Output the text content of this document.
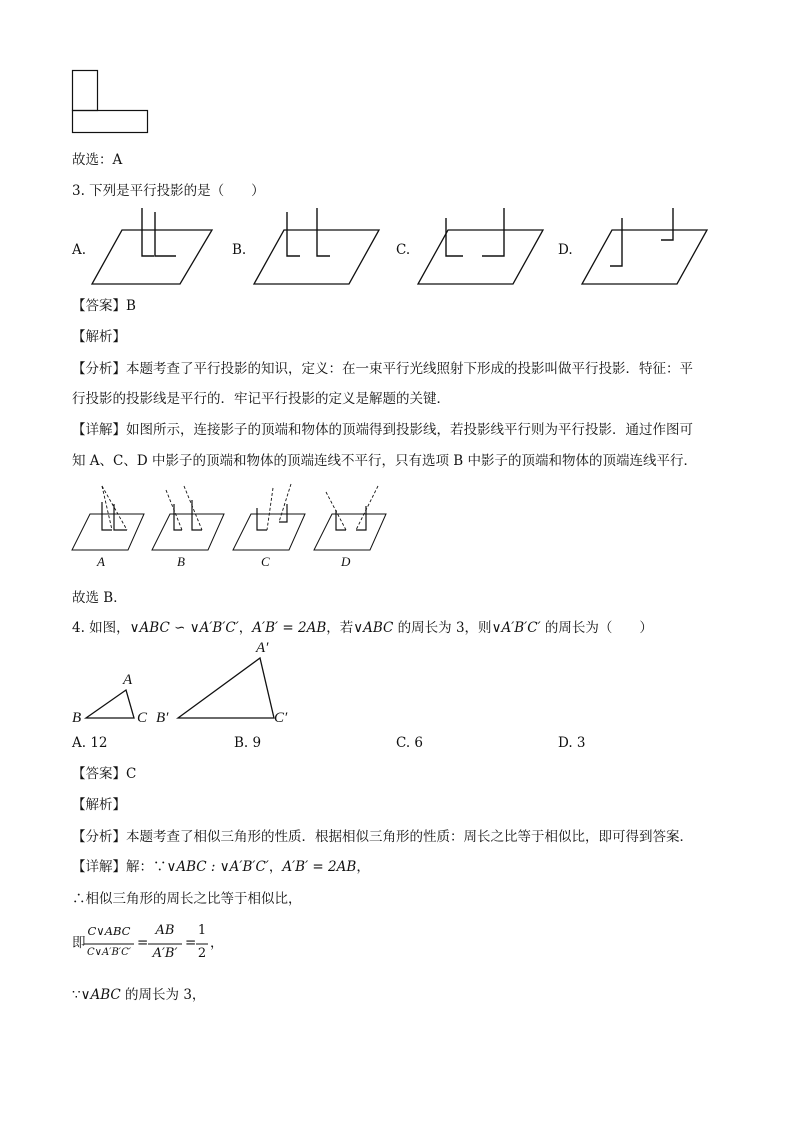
故选：A
3. 下列是平行投影的是（　　）
A.	B.	C.	D.
【答案】B
【解析】
【分析】本题考查了平行投影的知识，定义：在一束平行光线照射下形成的投影叫做平行投影．特征：平
行投影的投影线是平行的．牢记平行投影的定义是解题的关键．
【详解】如图所示，连接影子的顶端和物体的顶端得到投影线，若投影线平行则为平行投影．通过作图可
知 A、C、D 中影子的顶端和物体的顶端连线不平行，只有选项 B 中影子的顶端和物体的顶端连线平行．
A	B	C	D
故选 B．
4. 如图，∨ABC ∽ ∨A′B′C′，A′B′ = 2AB，若∨ABC 的周长为 3，则∨A′B′C′ 的周长为（　　）
A
B	C
A′
B′	C′
A. 12	B. 9	C. 6	D. 3
【答案】C
【解析】
【分析】本题考查了相似三角形的性质．根据相似三角形的性质：周长之比等于相似比，即可得到答案．
【详解】解：∵∨ABC : ∨A′B′C′，A′B′ = 2AB，
∴相似三角形的周长之比等于相似比，
即
C∨ABC
C∨A′B′C′
=
AB
A′B′
=
1
2
，
∵∨ABC 的周长为 3，
